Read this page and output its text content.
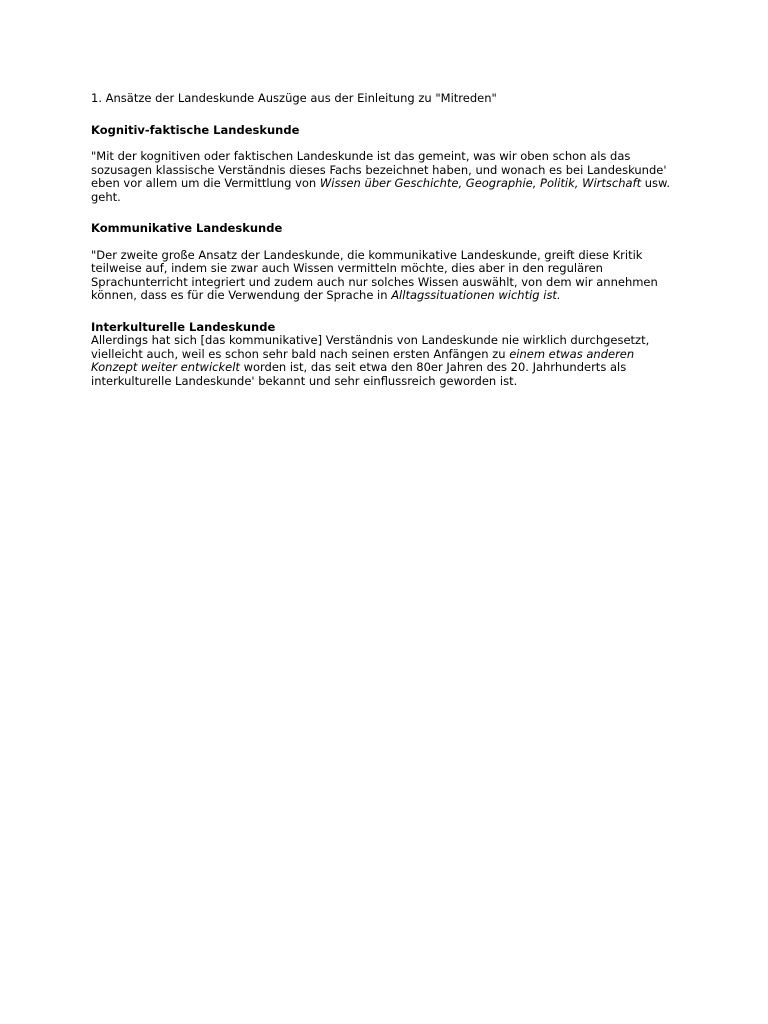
1. Ansätze der Landeskunde Auszüge aus der Einleitung zu "Mitreden"

Kognitiv-faktische Landeskunde

"Mit der kognitiven oder faktischen Landeskunde ist das gemeint, was wir oben schon als das sozusagen klassische Verständnis dieses Fachs bezeichnet haben, und wonach es bei Landeskunde' eben vor allem um die Vermittlung von Wissen über Geschichte, Geographie, Politik, Wirtschaft usw. geht.

Kommunikative Landeskunde

"Der zweite große Ansatz der Landeskunde, die kommunikative Landeskunde, greift diese Kritik teilweise auf, indem sie zwar auch Wissen vermitteln möchte, dies aber in den regulären Sprachunterricht integriert und zudem auch nur solches Wissen auswählt, von dem wir annehmen können, dass es für die Verwendung der Sprache in Alltagssituationen wichtig ist.

Interkulturelle Landeskunde

Allerdings hat sich [das kommunikative] Verständnis von Landeskunde nie wirklich durchgesetzt, vielleicht auch, weil es schon sehr bald nach seinen ersten Anfängen zu einem etwas anderen Konzept weiter entwickelt worden ist, das seit etwa den 80er Jahren des 20. Jahrhunderts als interkulturelle Landeskunde' bekannt und sehr einflussreich geworden ist.
